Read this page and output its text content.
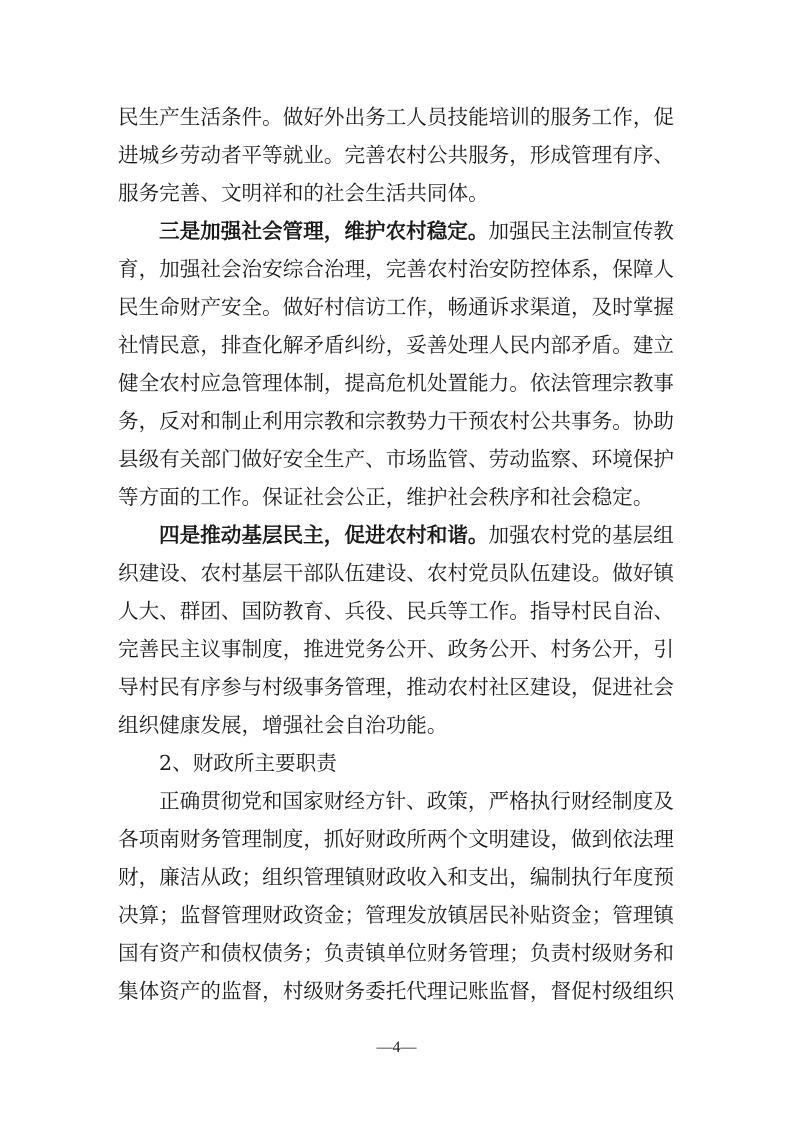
民生产生活条件。做好外出务工人员技能培训的服务工作，促
进城乡劳动者平等就业。完善农村公共服务，形成管理有序、
服务完善、文明祥和的社会生活共同体。
三是加强社会管理，维护农村稳定。加强民主法制宣传教
育，加强社会治安综合治理，完善农村治安防控体系，保障人
民生命财产安全。做好村信访工作，畅通诉求渠道，及时掌握
社情民意，排查化解矛盾纠纷，妥善处理人民内部矛盾。建立
健全农村应急管理体制，提高危机处置能力。依法管理宗教事
务，反对和制止利用宗教和宗教势力干预农村公共事务。协助
县级有关部门做好安全生产、市场监管、劳动监察、环境保护
等方面的工作。保证社会公正，维护社会秩序和社会稳定。
四是推动基层民主，促进农村和谐。加强农村党的基层组
织建设、农村基层干部队伍建设、农村党员队伍建设。做好镇
人大、群团、国防教育、兵役、民兵等工作。指导村民自治、
完善民主议事制度，推进党务公开、政务公开、村务公开，引
导村民有序参与村级事务管理，推动农村社区建设，促进社会
组织健康发展，增强社会自治功能。
2、财政所主要职责
正确贯彻党和国家财经方针、政策，严格执行财经制度及
各项南财务管理制度，抓好财政所两个文明建设，做到依法理
财，廉洁从政；组织管理镇财政收入和支出，编制执行年度预
决算；监督管理财政资金；管理发放镇居民补贴资金；管理镇
国有资产和债权债务；负责镇单位财务管理；负责村级财务和
集体资产的监督，村级财务委托代理记账监督，督促村级组织
—4—
